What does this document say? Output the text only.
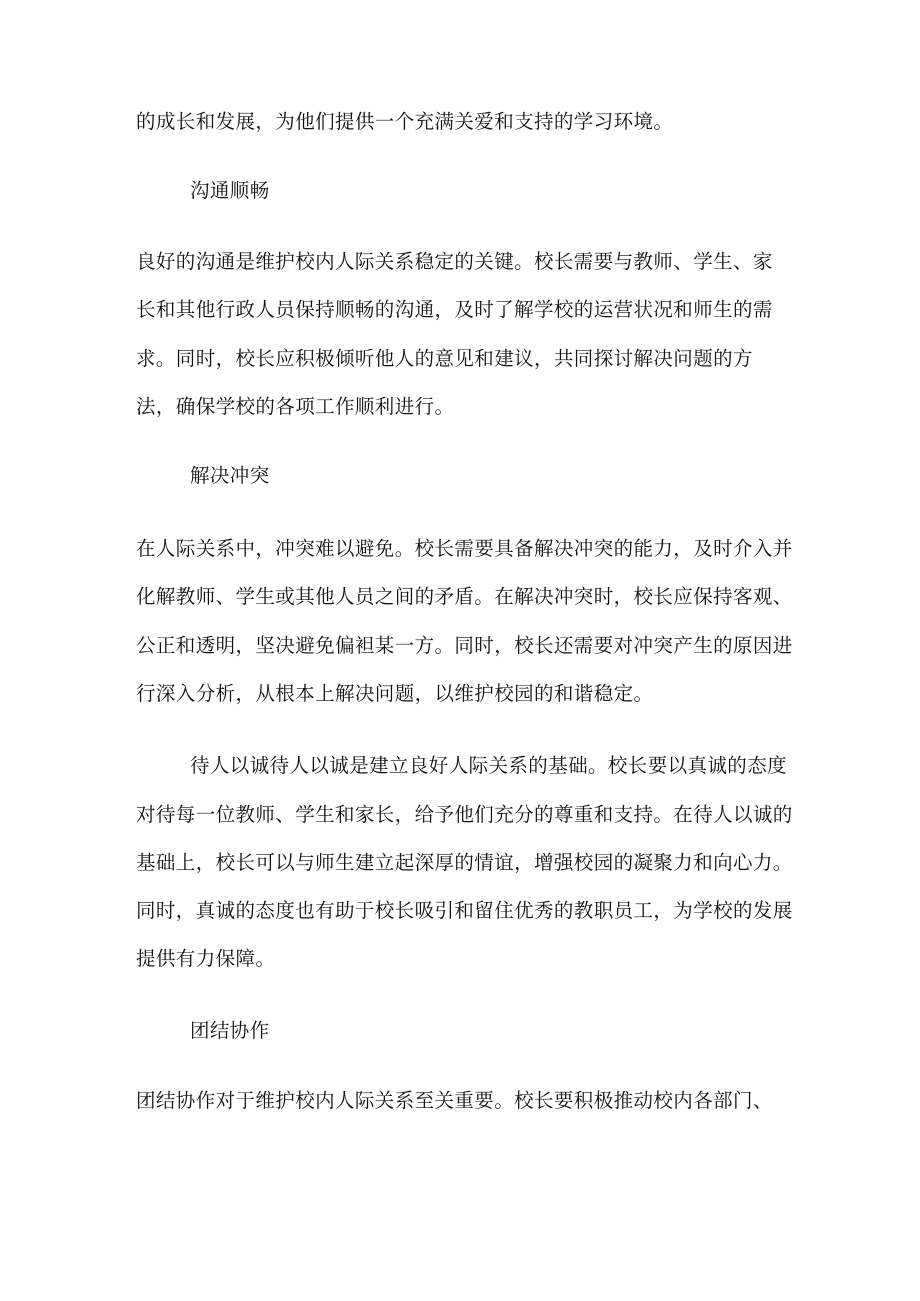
的成长和发展，为他们提供一个充满关爱和支持的学习环境。

沟通顺畅

良好的沟通是维护校内人际关系稳定的关键。校长需要与教师、学生、家

长和其他行政人员保持顺畅的沟通，及时了解学校的运营状况和师生的需

求。同时，校长应积极倾听他人的意见和建议，共同探讨解决问题的方

法，确保学校的各项工作顺利进行。

解决冲突

在人际关系中，冲突难以避免。校长需要具备解决冲突的能力，及时介入并

化解教师、学生或其他人员之间的矛盾。在解决冲突时，校长应保持客观、

公正和透明，坚决避免偏袒某一方。同时，校长还需要对冲突产生的原因进

行深入分析，从根本上解决问题，以维护校园的和谐稳定。

待人以诚待人以诚是建立良好人际关系的基础。校长要以真诚的态度

对待每一位教师、学生和家长，给予他们充分的尊重和支持。在待人以诚的

基础上，校长可以与师生建立起深厚的情谊，增强校园的凝聚力和向心力。

同时，真诚的态度也有助于校长吸引和留住优秀的教职员工，为学校的发展

提供有力保障。

团结协作

团结协作对于维护校内人际关系至关重要。校长要积极推动校内各部门、
